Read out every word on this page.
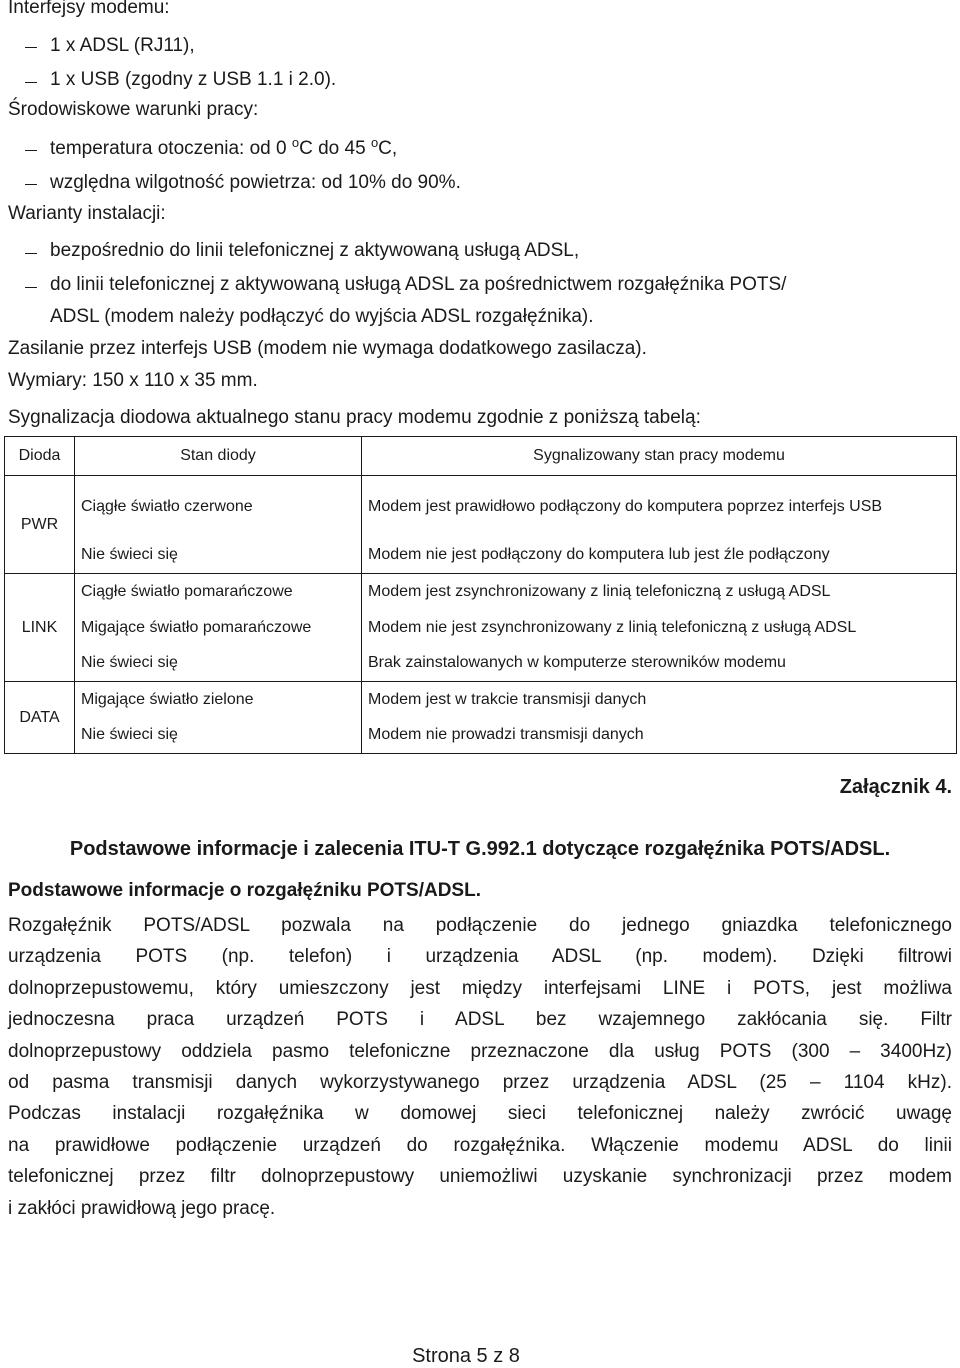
Interfejsy modemu:
1 x ADSL (RJ11),
1 x USB (zgodny z USB 1.1 i 2.0).
Środowiskowe warunki pracy:
temperatura otoczenia: od 0 $^o$C do 45 $^o$C,
względna wilgotność powietrza: od 10% do 90%.
Warianty instalacji:
bezpośrednio do linii telefonicznej z aktywowaną usługą ADSL,
do linii telefonicznej z aktywowaną usługą ADSL za pośrednictwem rozgałęźnika POTS/
ADSL (modem należy podłączyć do wyjścia ADSL rozgałęźnika).
Zasilanie przez interfejs USB (modem nie wymaga dodatkowego zasilacza).
Wymiary: 150 x 110 x 35 mm.
Sygnalizacja diodowa aktualnego stanu pracy modemu zgodnie z poniższą tabelą:
Dioda	Stan diody	Sygnalizowany stan pracy modemu
PWR	Ciągłe światło czerwone	Modem jest prawidłowo podłączony do komputera poprzez interfejs USB
	Nie świeci się	Modem nie jest podłączony do komputera lub jest źle podłączony
LINK	Ciągłe światło pomarańczowe	Modem jest zsynchronizowany z linią telefoniczną z usługą ADSL
	Migające światło pomarańczowe	Modem nie jest zsynchronizowany z linią telefoniczną z usługą ADSL
	Nie świeci się	Brak zainstalowanych w komputerze sterowników modemu
DATA	Migające światło zielone	Modem jest w trakcie transmisji danych
	Nie świeci się	Modem nie prowadzi transmisji danych
Załącznik 4.
Podstawowe informacje i zalecenia ITU-T G.992.1 dotyczące rozgałęźnika POTS/ADSL.
Podstawowe informacje o rozgałęźniku POTS/ADSL.
Rozgałęźnik POTS/ADSL pozwala na podłączenie do jednego gniazdka telefonicznego
urządzenia POTS (np. telefon) i urządzenia ADSL (np. modem). Dzięki filtrowi
dolnoprzepustowemu, który umieszczony jest między interfejsami LINE i POTS, jest możliwa
jednoczesna praca urządzeń POTS i ADSL bez wzajemnego zakłócania się. Filtr
dolnoprzepustowy oddziela pasmo telefoniczne przeznaczone dla usług POTS (300 – 3400Hz)
od pasma transmisji danych wykorzystywanego przez urządzenia ADSL (25 – 1104 kHz).
Podczas instalacji rozgałęźnika w domowej sieci telefonicznej należy zwrócić uwagę
na prawidłowe podłączenie urządzeń do rozgałęźnika. Włączenie modemu ADSL do linii
telefonicznej przez filtr dolnoprzepustowy uniemożliwi uzyskanie synchronizacji przez modem
i zakłóci prawidłową jego pracę.
Strona 5 z 8
